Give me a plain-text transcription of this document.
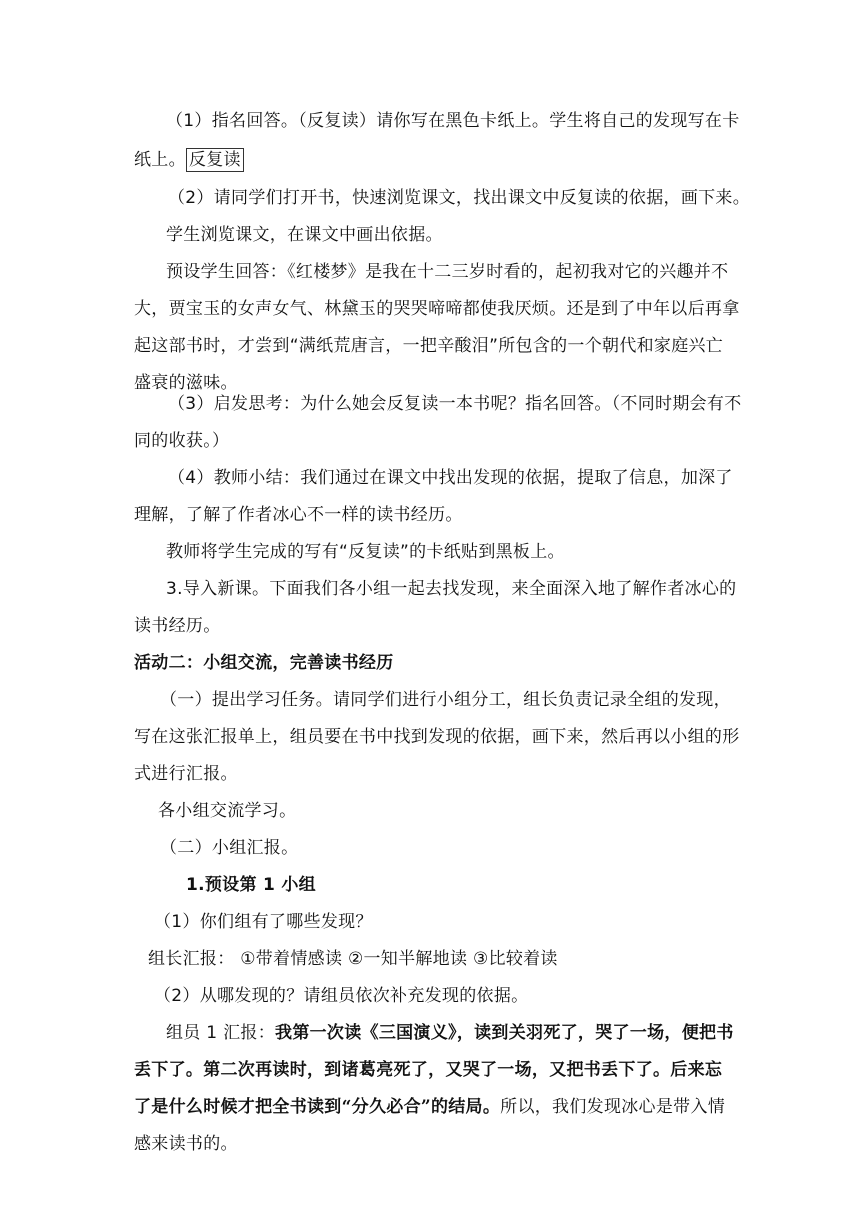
（1）指名回答。（反复读）请你写在黑色卡纸上。学生将自己的发现写在卡
纸上。 反复读
（2）请同学们打开书，快速浏览课文，找出课文中反复读的依据，画下来。
学生浏览课文，在课文中画出依据。
预设学生回答：《红楼梦》是我在十二三岁时看的，起初我对它的兴趣并不
大，贾宝玉的女声女气、林黛玉的哭哭啼啼都使我厌烦。还是到了中年以后再拿
起这部书时，才尝到“满纸荒唐言，一把辛酸泪”所包含的一个朝代和家庭兴亡
盛衰的滋味。
（3）启发思考：为什么她会反复读一本书呢？指名回答。（不同时期会有不
同的收获。）
（4）教师小结：我们通过在课文中找出发现的依据，提取了信息，加深了
理解，了解了作者冰心不一样的读书经历。
教师将学生完成的写有“反复读”的卡纸贴到黑板上。
3.导入新课。下面我们各小组一起去找发现，来全面深入地了解作者冰心的
读书经历。
活动二：小组交流，完善读书经历
（一）提出学习任务。请同学们进行小组分工，组长负责记录全组的发现，
写在这张汇报单上，组员要在书中找到发现的依据，画下来，然后再以小组的形
式进行汇报。
各小组交流学习。
（二）小组汇报。
1.预设第 1 小组
（1）你们组有了哪些发现？
组长汇报： ①带着情感读 ②一知半解地读 ③比较着读
（2）从哪发现的？请组员依次补充发现的依据。
组员 1 汇报：我第一次读《三国演义》，读到关羽死了，哭了一场，便把书
丢下了。第二次再读时，到诸葛亮死了，又哭了一场，又把书丢下了。后来忘
了是什么时候才把全书读到“分久必合”的结局。所以，我们发现冰心是带入情
感来读书的。
